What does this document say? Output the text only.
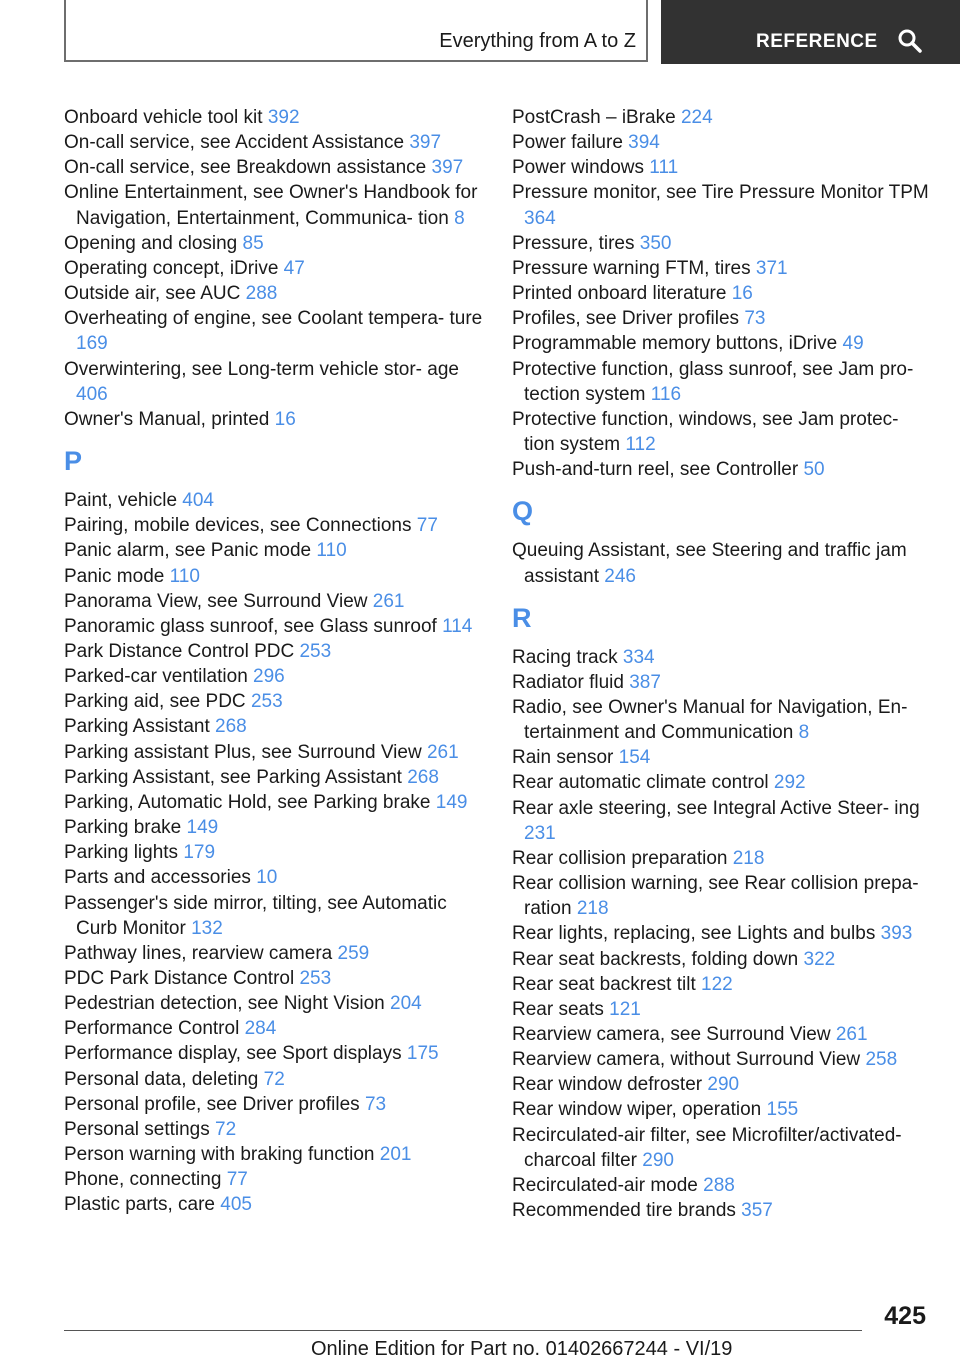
Everything from A to Z	REFERENCE
Onboard vehicle tool kit 392
On-call service, see Accident Assistance 397
On-call service, see Breakdown assistance 397
Online Entertainment, see Owner's Handbook for Navigation, Entertainment, Communica- tion 8
Opening and closing 85
Operating concept, iDrive 47
Outside air, see AUC 288
Overheating of engine, see Coolant tempera- ture 169
Overwintering, see Long-term vehicle stor- age 406
Owner's Manual, printed 16
P
Paint, vehicle 404
Pairing, mobile devices, see Connections 77
Panic alarm, see Panic mode 110
Panic mode 110
Panorama View, see Surround View 261
Panoramic glass sunroof, see Glass sunroof 114
Park Distance Control PDC 253
Parked-car ventilation 296
Parking aid, see PDC 253
Parking Assistant 268
Parking assistant Plus, see Surround View 261
Parking Assistant, see Parking Assistant 268
Parking, Automatic Hold, see Parking brake 149
Parking brake 149
Parking lights 179
Parts and accessories 10
Passenger's side mirror, tilting, see Automatic Curb Monitor 132
Pathway lines, rearview camera 259
PDC Park Distance Control 253
Pedestrian detection, see Night Vision 204
Performance Control 284
Performance display, see Sport displays 175
Personal data, deleting 72
Personal profile, see Driver profiles 73
Personal settings 72
Person warning with braking function 201
Phone, connecting 77
Plastic parts, care 405
PostCrash – iBrake 224
Power failure 394
Power windows 111
Pressure monitor, see Tire Pressure Monitor TPM 364
Pressure, tires 350
Pressure warning FTM, tires 371
Printed onboard literature 16
Profiles, see Driver profiles 73
Programmable memory buttons, iDrive 49
Protective function, glass sunroof, see Jam pro- tection system 116
Protective function, windows, see Jam protec- tion system 112
Push-and-turn reel, see Controller 50
Q
Queuing Assistant, see Steering and traffic jam assistant 246
R
Racing track 334
Radiator fluid 387
Radio, see Owner's Manual for Navigation, En- tertainment and Communication 8
Rain sensor 154
Rear automatic climate control 292
Rear axle steering, see Integral Active Steer- ing 231
Rear collision preparation 218
Rear collision warning, see Rear collision prepa- ration 218
Rear lights, replacing, see Lights and bulbs 393
Rear seat backrests, folding down 322
Rear seat backrest tilt 122
Rear seats 121
Rearview camera, see Surround View 261
Rearview camera, without Surround View 258
Rear window defroster 290
Rear window wiper, operation 155
Recirculated-air filter, see Microfilter/activated- charcoal filter 290
Recirculated-air mode 288
Recommended tire brands 357
425
Online Edition for Part no. 01402667244 - VI/19
